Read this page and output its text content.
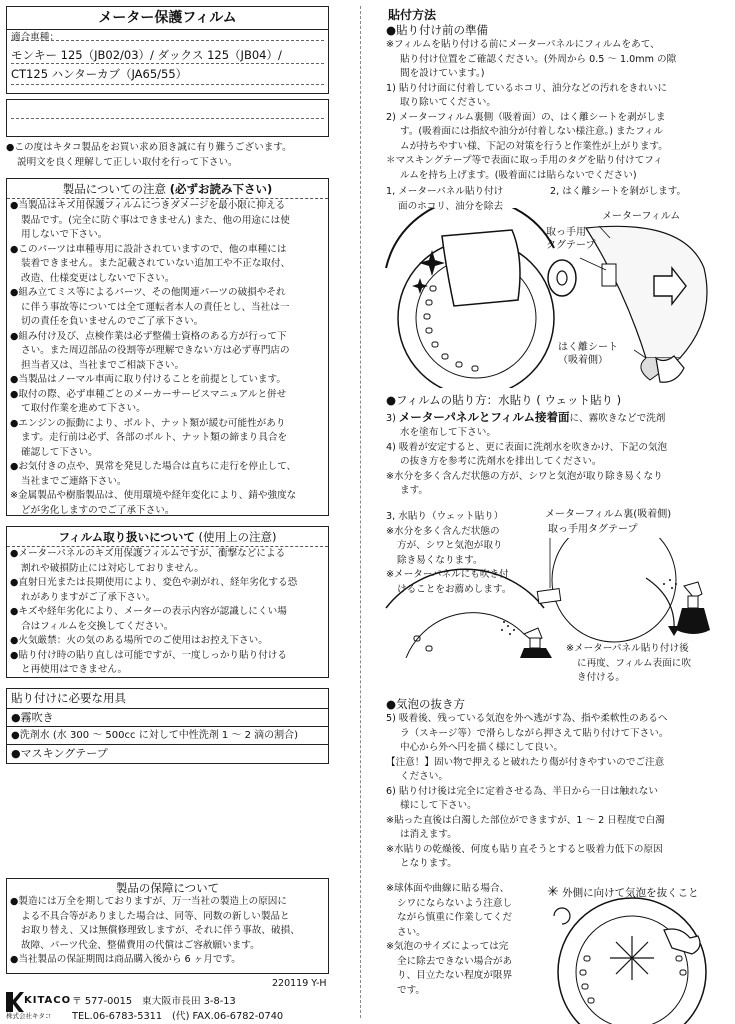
メーター保護フィルム
適合車種：
モンキー 125（JB02/03）/ ダックス 125（JB04）/
CT125 ハンターカブ（JA65/55）

●この度はキタコ製品をお買い求め頂き誠に有り難うございます。

説明文を良く理解して正しい取付を行って下さい。

製品についての注意 (必ずお読み下さい)

●当製品はキズ用保護フィルムにつきダメージを最小限に抑える

製品です。(完全に防ぐ事はできません) また、他の用途には使

用しないで下さい。

●このパーツは車種専用に設計されていますので、他の車種には

装着できません。また記載されていない追加工や不正な取付、

改造、仕様変更はしないで下さい。

●組み立てミス等によるパーツ、その他関連パーツの破損やそれ

に伴う事故等については全て運転者本人の責任とし、当社は一

切の責任を負いませんのでご了承下さい。

●組み付け及び、点検作業は必ず整備士資格のある方が行って下

さい。また周辺部品の役割等が理解できない方は必ず専門店の

担当者又は、当社までご相談下さい。

●当製品はノーマル車両に取り付けることを前提としています。

●取付の際、必ず車種ごとのメーカーサービスマニュアルと併せ

て取付作業を進めて下さい。

●エンジンの振動により、ボルト、ナット類が緩む可能性があり

ます。走行前は必ず、各部のボルト、ナット類の締まり具合を

確認して下さい。

●お気付きの点や、異常を発見した場合は直ちに走行を停止して、

当社までご連絡下さい。

※金属製品や樹脂製品は、使用環境や経年変化により、錆や強度な

どが劣化しますのでご了承下さい。

フィルム取り扱いについて (使用上の注意)

●メーターパネルのキズ用保護フィルムですが、衝撃などによる

割れや破損防止には対応しておりません。

●直射日光または長期使用により、変色や剥がれ、経年劣化する恐

れがありますがご了承下さい。

●キズや経年劣化により、メーターの表示内容が認識しにくい場

合はフィルムを交換してください。

●火気厳禁：火の気のある場所でのご使用はお控え下さい。

●貼り付け時の貼り直しは可能ですが、一度しっかり貼り付ける

と再使用はできません。

貼り付けに必要な用具
●霧吹き
●洗剤水 (水 300 ～ 500cc に対して中性洗剤 1 ～ 2 滴の割合)
●マスキングテープ
製品の保障について

●製造には万全を期しておりますが、万一当社の製造上の原因に

よる不具合等がありました場合は、同等、同数の新しい製品と

お取り替え、又は無償修理致しますが、それに伴う事故、破損、

故障、パーツ代金、整備費用の代償はご容赦願います。

●当社製品の保証期間は商品購入後から 6 ヶ月です。

220119 Y-H
KITACO
株式会社キタコ
〒 577-0015　東大阪市長田 3-8-13
TEL.06-6783-5311　(代) FAX.06-6782-0740
貼付方法
●貼り付け前の準備

※フィルムを貼り付ける前にメーターパネルにフィルムをあて、

貼り付け位置をご確認ください。(外周から 0.5 ～ 1.0mm の隙

間を設けています。)

1) 貼り付け面に付着しているホコリ、油分などの汚れをきれいに

取り除いてください。

2) メーターフィルム裏側（吸着面）の、はく離シートを剥がしま

す。(吸着面には指紋や油分が付着しない様注意。) またフィル

ムが持ちやすい様、下記の対策を行うと作業性が上がります。

＊マスキングテープ等で表面に取っ手用のタグを貼り付けてフィ

ルムを持ち上げます。(吸着面には貼らないでください)

1, メーターパネル貼り付け

面のホコリ、油分を除去

2, はく離シートを剝がします。
メーターフィルム

取っ手用

タグテープ

はく離シート

（吸着側）

●フィルムの貼り方：水貼り ( ウェット貼り )
3) メーターパネルとフィルム接着面に、霧吹きなどで洗剤

水を塗布して下さい。

4) 吸着が安定すると、更に表面に洗剤水を吹きかけ、下記の気泡

の抜き方を参考に洗剤水を排出してください。

※水分を多く含んだ状態の方が、シワと気泡が取り除き易くなり

ます。

3, 水貼り（ウェット貼り）

※水分を多く含んだ状態の

方が、シワと気泡が取り

除き易くなります。

※メーターパネルにも吹き付

けることをお薦めします。

メーターフィルム裏(吸着側)
取っ手用タグテープ

※メーターパネル貼り付け後

に再度、フィルム表面に吹

き付ける。

●気泡の抜き方

5) 吸着後、残っている気泡を外へ逃がす為、指や柔軟性のあるヘ

ラ（スキージ等）で滑らしながら押さえて貼り付けて下さい。

中心から外へ円を描く様にして良い。

【注意！】固い物で押えると破れたり傷が付きやすいのでご注意

ください。

6) 貼り付け後は完全に定着させる為、半日から一日は触れない

様にして下さい。

※貼った直後は白濁した部位ができますが、1 ～ 2 日程度で白濁

は消えます。

※水貼りの乾燥後、何度も貼り直そうとすると吸着力低下の原因

となります。

※球体面や曲線に貼る場合、

シワにならないよう注意し

ながら慎重に作業してくだ

さい。

※気泡のサイズによっては完

全に除去できない場合があ

り、目立たない程度が限界

です。

✳ 外側に向けて気泡を抜くこと
